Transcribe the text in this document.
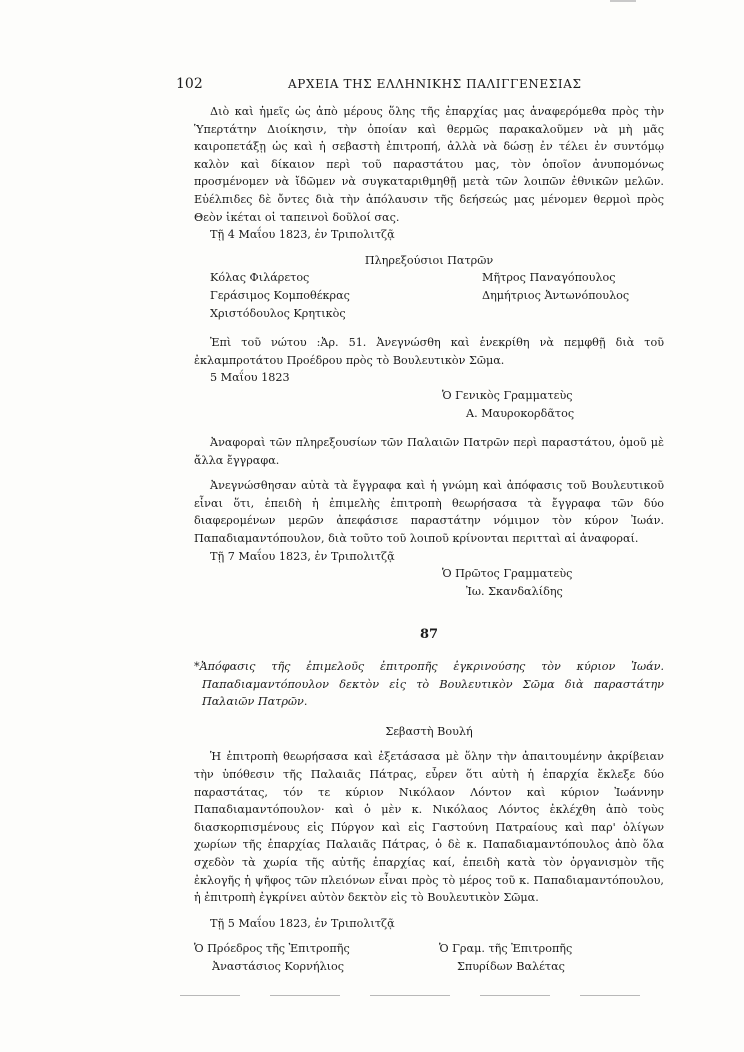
102	ΑΡΧΕΙΑ ΤΗΣ ΕΛΛΗΝΙΚΗΣ ΠΑΛΙΓΓΕΝΕΣΙΑΣ

Διὸ καὶ ἡμεῖς ὡς ἀπὸ μέρους ὅλης τῆς ἐπαρχίας μας ἀναφερόμεθα πρὸς τὴν Ὑπερτάτην Διοίκησιν, τὴν ὁποίαν καὶ θερμῶς παρακαλοῦμεν νὰ μὴ μᾶς καιροπετάξῃ ὡς καὶ ἡ σεβαστὴ ἐπιτροπή, ἀλλὰ νὰ δώσῃ ἐν τέλει ἐν συντόμῳ καλὸν καὶ δίκαιον περὶ τοῦ παραστάτου μας, τὸν ὁποῖον ἀνυπομόνως προσμένομεν νὰ ἴδῶμεν νὰ συγκαταριθμηθῇ μετὰ τῶν λοιπῶν ἐθνικῶν μελῶν. Εὐέλπιδες δὲ ὄντες διὰ τὴν ἀπόλαυσιν τῆς δεήσεώς μας μένομεν θερμοὶ πρὸς Θεὸν ἱκέται οἱ ταπεινοὶ δοῦλοί σας.

Τῇ 4 Μαΐου 1823, ἐν Τριπολιτζᾷ

Πληρεξούσιοι Πατρῶν

Κόλας Φιλάρετος

Γεράσιμος Κομποθέκρας

Χριστόδουλος Κρητικὸς

Μῆτρος Παναγόπουλος

Δημήτριος Ἀντωνόπουλος

Ἐπὶ τοῦ νώτου :Ἀρ. 51. Ἀνεγνώσθη καὶ ἐνεκρίθη νὰ πεμφθῇ διὰ τοῦ ἐκλαμπροτάτου Προέδρου πρὸς τὸ Βουλευτικὸν Σῶμα.

5 Μαΐου 1823

Ὁ Γενικὸς Γραμματεὺς

Α. Μαυροκορδᾶτος

Ἀναφοραὶ τῶν πληρεξουσίων τῶν Παλαιῶν Πατρῶν περὶ παραστάτου, ὁμοῦ μὲ ἄλλα ἔγγραφα.

Ἀνεγνώσθησαν αὐτὰ τὰ ἔγγραφα καὶ ἡ γνώμη καὶ ἀπόφασις τοῦ Βουλευτικοῦ εἶναι ὅτι, ἐπειδὴ ἡ ἐπιμελὴς ἐπιτροπὴ θεωρήσασα τὰ ἔγγραφα τῶν δύο διαφερομένων μερῶν ἀπεφάσισε παραστάτην νόμιμον τὸν κύρον Ἰωάν. Παπαδιαμαντόπουλον, διὰ τοῦτο τοῦ λοιποῦ κρίνονται περιτταὶ αἱ ἀναφοραί.

Τῇ 7 Μαΐου 1823, ἐν Τριπολιτζᾷ

Ὁ Πρῶτος Γραμματεὺς

Ἰω. Σκανδαλίδης

87

*Ἀπόφασις τῆς ἐπιμελοῦς ἐπιτροπῆς ἐγκρινούσης τὸν κύριον Ἰωάν. Παπαδιαμαντόπουλον δεκτὸν εἰς τὸ Βουλευτικὸν Σῶμα διὰ παραστάτην Παλαιῶν Πατρῶν.

Σεβαστὴ Βουλή

Ἡ ἐπιτροπὴ θεωρήσασα καὶ ἐξετάσασα μὲ ὅλην τὴν ἀπαιτουμένην ἀκρίβειαν τὴν ὑπόθεσιν τῆς Παλαιᾶς Πάτρας, εὗρεν ὅτι αὐτὴ ἡ ἐπαρχία ἔκλεξε δύο παραστάτας, τόν τε κύριον Νικόλαον Λόντον καὶ κύριον Ἰωάννην Παπαδιαμαντόπουλον· καὶ ὁ μὲν κ. Νικόλαος Λόντος ἐκλέχθη ἀπὸ τοὺς διασκορπισμένους εἰς Πύργον καὶ εἰς Γαστούνη Πατραίους καὶ παρ' ὀλίγων χωρίων τῆς ἐπαρχίας Παλαιᾶς Πάτρας, ὁ δὲ κ. Παπαδιαμαντόπουλος ἀπὸ ὅλα σχεδὸν τὰ χωρία τῆς αὐτῆς ἐπαρχίας καί, ἐπειδὴ κατὰ τὸν ὀργανισμὸν τῆς ἐκλογῆς ἡ ψῆφος τῶν πλειόνων εἶναι πρὸς τὸ μέρος τοῦ κ. Παπαδιαμαντόπουλου, ἡ ἐπιτροπὴ ἐγκρίνει αὐτὸν δεκτὸν εἰς τὸ Βουλευτικὸν Σῶμα.

Τῇ 5 Μαΐου 1823, ἐν Τριπολιτζᾷ

Ὁ Πρόεδρος τῆς Ἐπιτροπῆς

Ἀναστάσιος Κορνήλιος

Ὁ Γραμ. τῆς Ἐπιτροπῆς

Σπυρίδων Βαλέτας
